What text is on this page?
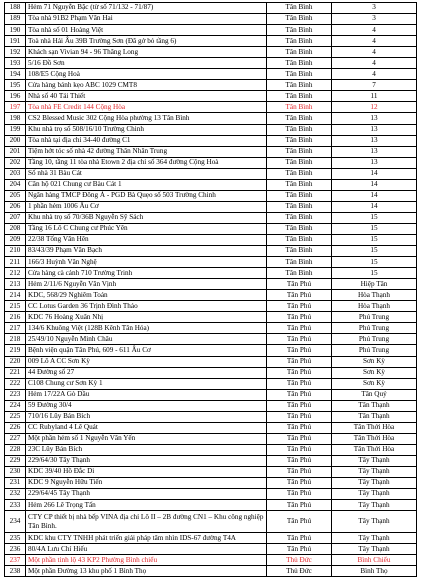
188	Hẻm 71 Nguyễn Bặc (từ số 71/132 - 71/87)	Tân Bình	3
189	Tòa nhà 91B2 Phạm Văn Hai	Tân Bình	3
190	Tòa nhà số 01 Hoàng Việt	Tân Bình	4
191	Toà nhà Hải Âu 39B Trường Sơn (Đã gở bỏ tầng 6)	Tân Bình	4
192	Khách sạn Vivian 94 - 96 Thăng Long	Tân Bình	4
193	5/16 Đồ Sơn	Tân Bình	4
194	108/E5 Cộng Hoà	Tân Bình	4
195	Cửa hàng bánh kẹo ABC 1029 CMT8	Tân Bình	7
196	Nhà số 40 Tái Thiết	Tân Bình	11
197	Tòa nhà FE Credit 144 Cộng Hòa	Tân Bình	12
198	CS2 Blessed Music 302 Cộng Hòa phường 13 Tân Bình	Tân Bình	13
199	Khu nhà trọ số 508/16/10 Trường Chinh	Tân Bình	13
200	Tòa nhà tại địa chỉ 34-40 đường C1	Tân Bình	13
201	Tiệm hớt tóc số nhà 42 đường Thân Nhân Trung	Tân Bình	13
202	Tầng 10, tầng 11 tòa nhà Etown 2 địa chỉ số 364 đường Cộng Hoà	Tân Bình	13
203	Số nhà 31 Bàu Cát	Tân Bình	14
204	Căn hộ 021 Chung cư Bàu Cát 1	Tân Bình	14
205	Ngân hàng TMCP Đông Á - PGD Bà Quẹo số 503 Trường Chinh	Tân Bình	14
206	1 phần hẻm 1006 Âu Cơ	Tân Bình	14
207	Khu nhà trọ số 70/36B Nguyễn Sỹ Sách	Tân Bình	15
208	Tầng 16 Lô C Chung cư Phúc Yên	Tân Bình	15
209	22/38 Tống Văn Hên	Tân Bình	15
210	83/43/39 Phạm Văn Bạch	Tân Bình	15
211	166/3 Huỳnh Văn Nghệ	Tân Bình	15
212	Cửa hàng cà cảnh 710 Trường Trinh	Tân Bình	15
213	Hẻm 2/11/6 Nguyễn Văn Vịnh	Tân Phú	Hiệp Tân
214	KDC, 568/29 Nghiêm Toản	Tân Phú	Hòa Thạnh
215	CC Lotus Garden 36 Trịnh Đình Thảo	Tân Phú	Hòa Thạnh
216	KDC 76 Hoàng Xuân Nhị	Tân Phú	Phú Trung
217	134/6 Khuông Việt (128B Kênh Tân Hóa)	Tân Phú	Phú Trung
218	25/49/10 Nguyễn Minh Châu	Tân Phú	Phú Trung
219	Bệnh viện quận Tân Phú, 609 - 611 Âu Cơ	Tân Phú	Phú Trung
220	009 Lô A CC Sơn Kỳ	Tân Phú	Sơn Kỳ
221	44 Đường số 27	Tân Phú	Sơn Kỳ
222	C108 Chung cư Sơn Kỳ 1	Tân Phú	Sơn Kỳ
223	Hẻm 17/22A Gò Dầu	Tân Phú	Tân Quý
224	59 Đường 30/4	Tân Phú	Tân Thạnh
225	710/16 Lũy Bán Bích	Tân Phú	Tân Thạnh
226	CC Rubyland 4 Lê Quát	Tân Phú	Tân Thới Hòa
227	Một phần hẻm số 1 Nguyễn Văn Yến	Tân Phú	Tân Thới Hòa
228	23C Lũy Bán Bích	Tân Phú	Tân Thới Hòa
229	229/64/30 Tây Thạnh	Tân Phú	Tây Thạnh
230	KDC 39/40 Hồ Đắc Di	Tân Phú	Tây Thạnh
231	KDC 9 Nguyễn Hữu Tiến	Tân Phú	Tây Thạnh
232	229/64/45 Tây Thạnh	Tân Phú	Tây Thạnh
233	Hẻm 266 Lê Trọng Tấn	Tân Phú	Tây Thạnh
234	CTY CP thiết bị nhà bếp VINA địa chỉ Lô II – 2B đường CN1 – Khu công nghiệp Tân Bình.	Tân Phú	Tây Thạnh
235	KDC khu CTY TNHH phát triển giải pháp tâm nhìn IDS-67 đường T4A	Tân Phú	Tây Thạnh
236	80/4A Lưu Chí Hiếu	Tân Phú	Tây Thạnh
237	Một phần tỉnh lộ 43 KP2 Phường Bình chiểu	Thủ Đức	Bình Chiểu
238	Một phần Đường 13 khu phố 1 Bình Thọ	Thủ Đức	Bình Thọ
